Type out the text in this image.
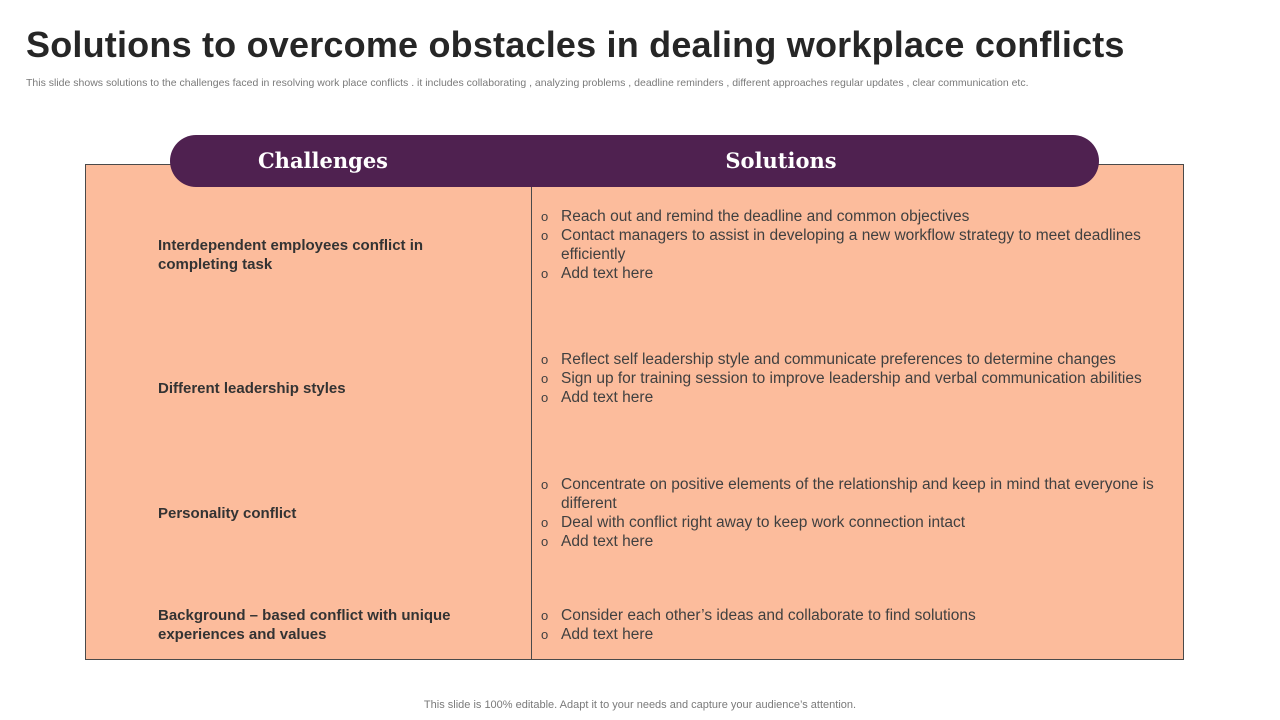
Solutions to overcome obstacles in dealing workplace conflicts
This slide shows solutions to the challenges faced in resolving work place conflicts . it includes collaborating , analyzing problems , deadline reminders , different approaches regular updates , clear communication etc.
Challenges	Solutions
Interdependent employees conflict in completing task
o Reach out and remind the deadline and common objectives
o Contact managers to assist in developing a new workflow strategy to meet deadlines efficiently
o Add text here
Different leadership styles
o Reflect self leadership style and communicate preferences to determine changes
o Sign up for training session to improve leadership and verbal communication abilities
o Add text here
Personality conflict
o Concentrate on positive elements of the relationship and keep in mind that everyone is different
o Deal with conflict right away to keep work connection intact
o Add text here
Background – based conflict with unique experiences and values
o Consider each other’s ideas and collaborate to find solutions
o Add text here
This slide is 100% editable. Adapt it to your needs and capture your audience’s attention.
